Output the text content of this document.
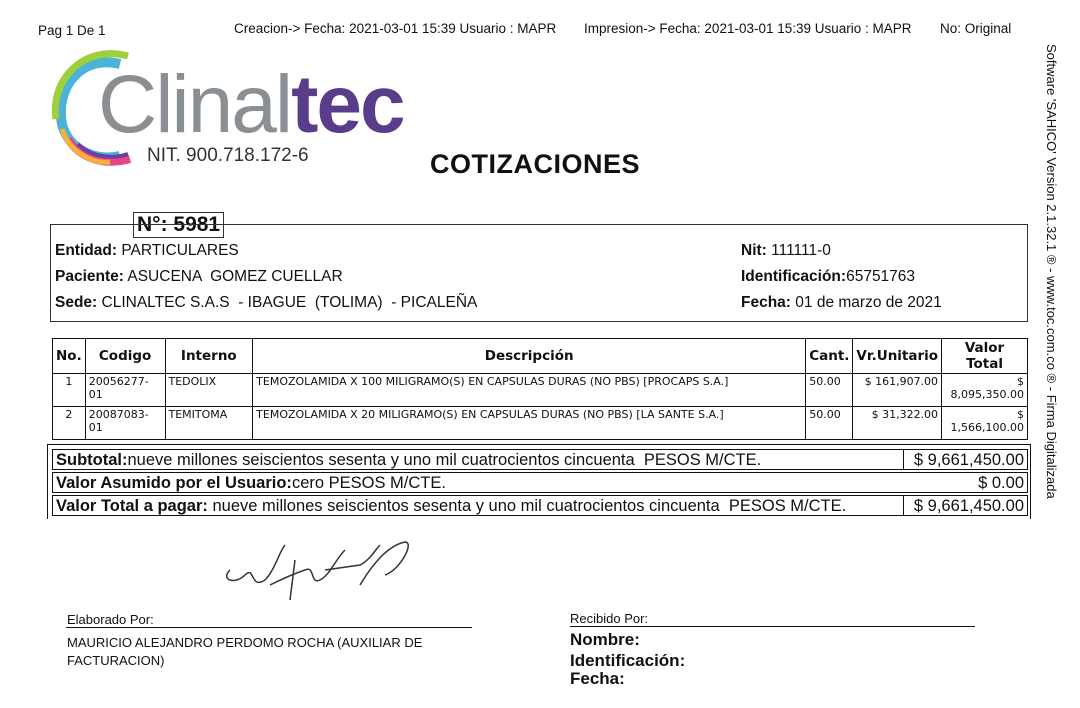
Pag 1 De 1	Creacion-> Fecha: 2021-03-01 15:39 Usuario : MAPR Impresion-> Fecha: 2021-03-01 15:39 Usuario : MAPR No: Original
Software 'SAHICO' Version 2.1.32.1 ® - www.toc.com.co ® - Firma Digitalizada
Clinaltec
NIT. 900.718.172-6	COTIZACIONES
N°: 5981
Entidad: PARTICULARES
Paciente: ASUCENA  GOMEZ CUELLAR
Sede: CLINALTEC S.A.S  - IBAGUE  (TOLIMA)  - PICALEÑA
Nit: 111111-0
Identificación:65751763
Fecha: 01 de marzo de 2021
No.	Codigo	Interno	Descripción	Cant.	Vr.Unitario	Valor Total
1	20056277-01	TEDOLIX	TEMOZOLAMIDA X 100 MILIGRAMO(S) EN CAPSULAS DURAS (NO PBS) [PROCAPS S.A.]	50.00	$ 161,907.00	$
8,095,350.00

2	20087083-01	TEMITOMA	TEMOZOLAMIDA X 20 MILIGRAMO(S) EN CAPSULAS DURAS (NO PBS) [LA SANTE S.A.]	50.00	$ 31,322.00	$
1,566,100.00
Subtotal:nueve millones seiscientos sesenta y uno mil cuatrocientos cincuenta  PESOS M/CTE.	$ 9,661,450.00
Valor Asumido por el Usuario:cero PESOS M/CTE.	$ 0.00
Valor Total a pagar: nueve millones seiscientos sesenta y uno mil cuatrocientos cincuenta  PESOS M/CTE.	$ 9,661,450.00
Elaborado Por:
MAURICIO ALEJANDRO PERDOMO ROCHA (AUXILIAR DE FACTURACION)
Recibido Por:
Nombre:
Identificación:
Fecha:
